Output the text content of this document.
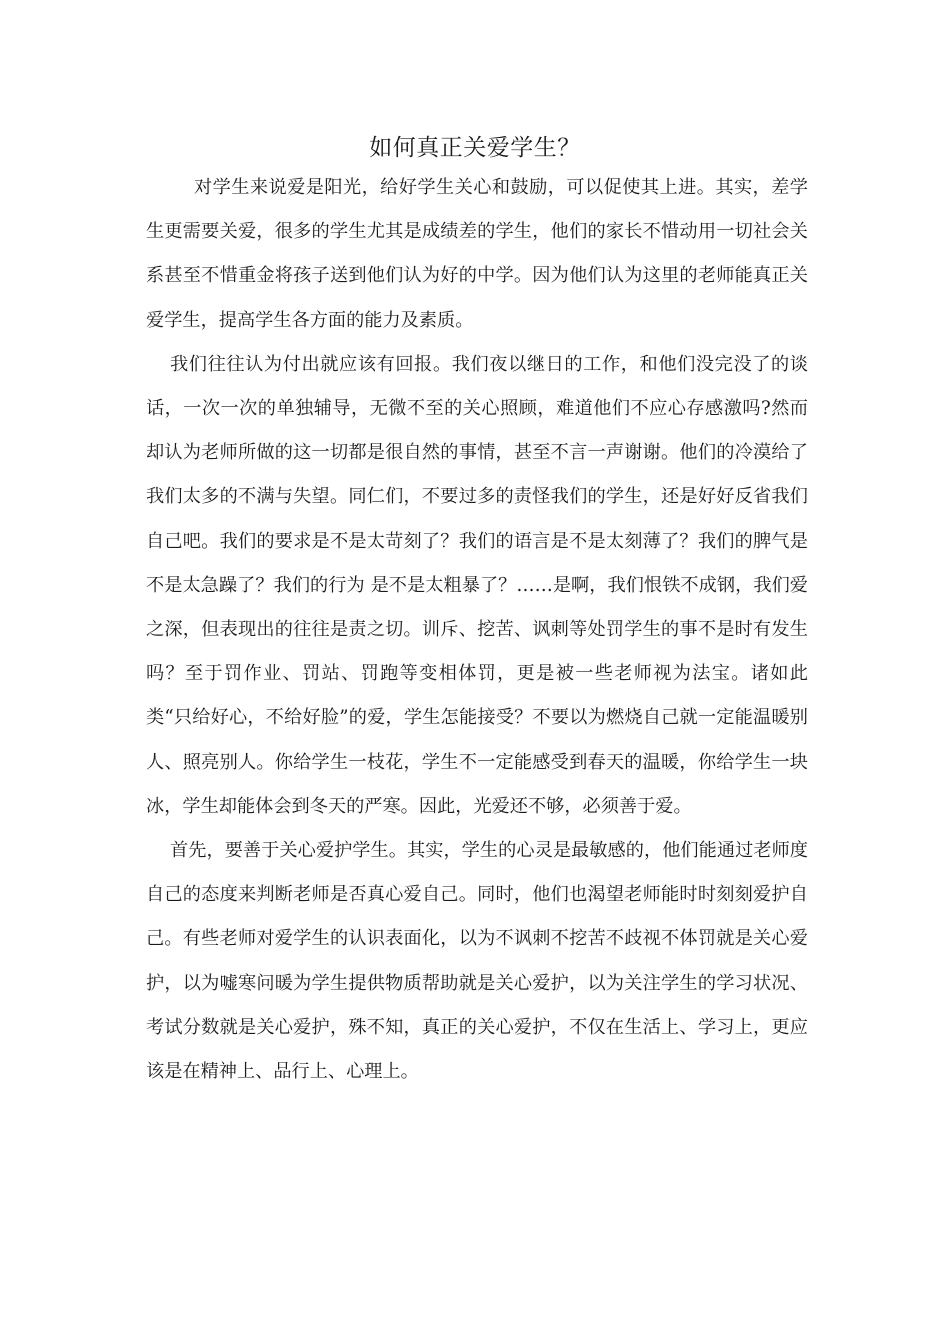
如何真正关爱学生？

对学生来说爱是阳光，给好学生关心和鼓励，可以促使其上进。其实，差学生更需要关爱，很多的学生尤其是成绩差的学生，他们的家长不惜动用一切社会关系甚至不惜重金将孩子送到他们认为好的中学。因为他们认为这里的老师能真正关爱学生，提高学生各方面的能力及素质。

我们往往认为付出就应该有回报。我们夜以继日的工作，和他们没完没了的谈话，一次一次的单独辅导，无微不至的关心照顾，难道他们不应心存感激吗?然而却认为老师所做的这一切都是很自然的事情，甚至不言一声谢谢。他们的冷漠给了我们太多的不满与失望。同仁们，不要过多的责怪我们的学生，还是好好反省我们自己吧。我们的要求是不是太苛刻了？我们的语言是不是太刻薄了？我们的脾气是不是太急躁了？我们的行为 是不是太粗暴了？……是啊，我们恨铁不成钢，我们爱之深，但表现出的往往是责之切。训斥、挖苦、讽刺等处罚学生的事不是时有发生吗？至于罚作业、罚站、罚跑等变相体罚，更是被一些老师视为法宝。诸如此类“只给好心，不给好脸”的爱，学生怎能接受？不要以为燃烧自己就一定能温暖别人、照亮别人。你给学生一枝花，学生不一定能感受到春天的温暖，你给学生一块冰，学生却能体会到冬天的严寒。因此，光爱还不够，必须善于爱。

首先，要善于关心爱护学生。其实，学生的心灵是最敏感的，他们能通过老师度自己的态度来判断老师是否真心爱自己。同时，他们也渴望老师能时时刻刻爱护自己。有些老师对爱学生的认识表面化，以为不讽刺不挖苦不歧视不体罚就是关心爱护，以为嘘寒问暖为学生提供物质帮助就是关心爱护，以为关注学生的学习状况、考试分数就是关心爱护，殊不知，真正的关心爱护，不仅在生活上、学习上，更应该是在精神上、品行上、心理上。
